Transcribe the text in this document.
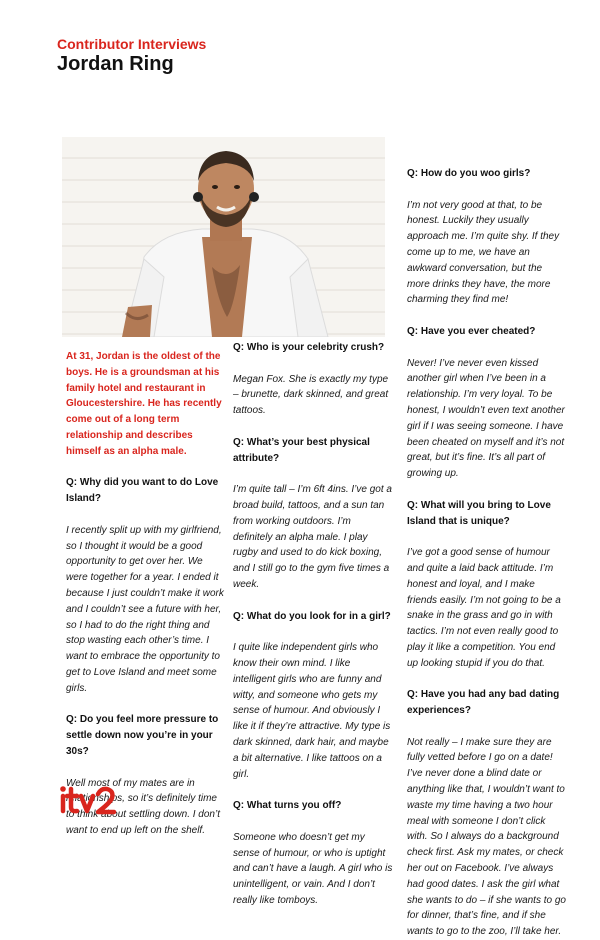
Contributor Interviews
Jordan Ring

At 31, Jordan is the oldest of the boys. He is a groundsman at his family hotel and restaurant in Gloucestershire. He has recently come out of a long term relationship and describes himself as an alpha male.

Q: Why did you want to do Love Island?

I recently split up with my girlfriend, so I thought it would be a good opportunity to get over her. We were together for a year. I ended it because I just couldn’t make it work and I couldn’t see a future with her, so I had to do the right thing and stop wasting each other’s time. I want to embrace the opportunity to get to Love Island and meet some girls.

Q: Do you feel more pressure to settle down now you’re in your 30s?

Well most of my mates are in relationships, so it’s definitely time to think about settling down. I don’t want to end up left on the shelf.

Q: Who is your celebrity crush?

Megan Fox. She is exactly my type – brunette, dark skinned, and great tattoos.

Q: What’s your best physical attribute?

I’m quite tall – I’m 6ft 4ins. I’ve got a broad build, tattoos, and a sun tan from working outdoors. I’m definitely an alpha male. I play rugby and used to do kick boxing, and I still go to the gym five times a week.

Q: What do you look for in a girl?

I quite like independent girls who know their own mind. I like intelligent girls who are funny and witty, and someone who gets my sense of humour. And obviously I like it if they’re attractive. My type is dark skinned, dark hair, and maybe a bit alternative. I like tattoos on a girl.

Q: What turns you off?

Someone who doesn’t get my sense of humour, or who is uptight and can’t have a laugh. A girl who is unintelligent, or vain. And I don’t really like tomboys.

Q: How do you woo girls?

I’m not very good at that, to be honest. Luckily they usually approach me. I’m quite shy. If they come up to me, we have an awkward conversation, but the more drinks they have, the more charming they find me!

Q: Have you ever cheated?

Never! I’ve never even kissed another girl when I’ve been in a relationship. I’m very loyal. To be honest, I wouldn’t even text another girl if I was seeing someone. I have been cheated on myself and it’s not great, but it’s fine. It’s all part of growing up.

Q: What will you bring to Love Island that is unique?

I’ve got a good sense of humour and quite a laid back attitude. I’m honest and loyal, and I make friends easily. I’m not going to be a snake in the grass and go in with tactics. I’m not even really good to play it like a competition. You end up looking stupid if you do that.

Q: Have you had any bad dating experiences?

Not really – I make sure they are fully vetted before I go on a date! I’ve never done a blind date or anything like that, I wouldn’t want to waste my time having a two hour meal with someone I don’t click with. So I always do a background check first. Ask my mates, or check her out on Facebook. I’ve always had good dates. I ask the girl what she wants to do – if she wants to go for dinner, that’s fine, and if she wants to go to the zoo, I’ll take her.
